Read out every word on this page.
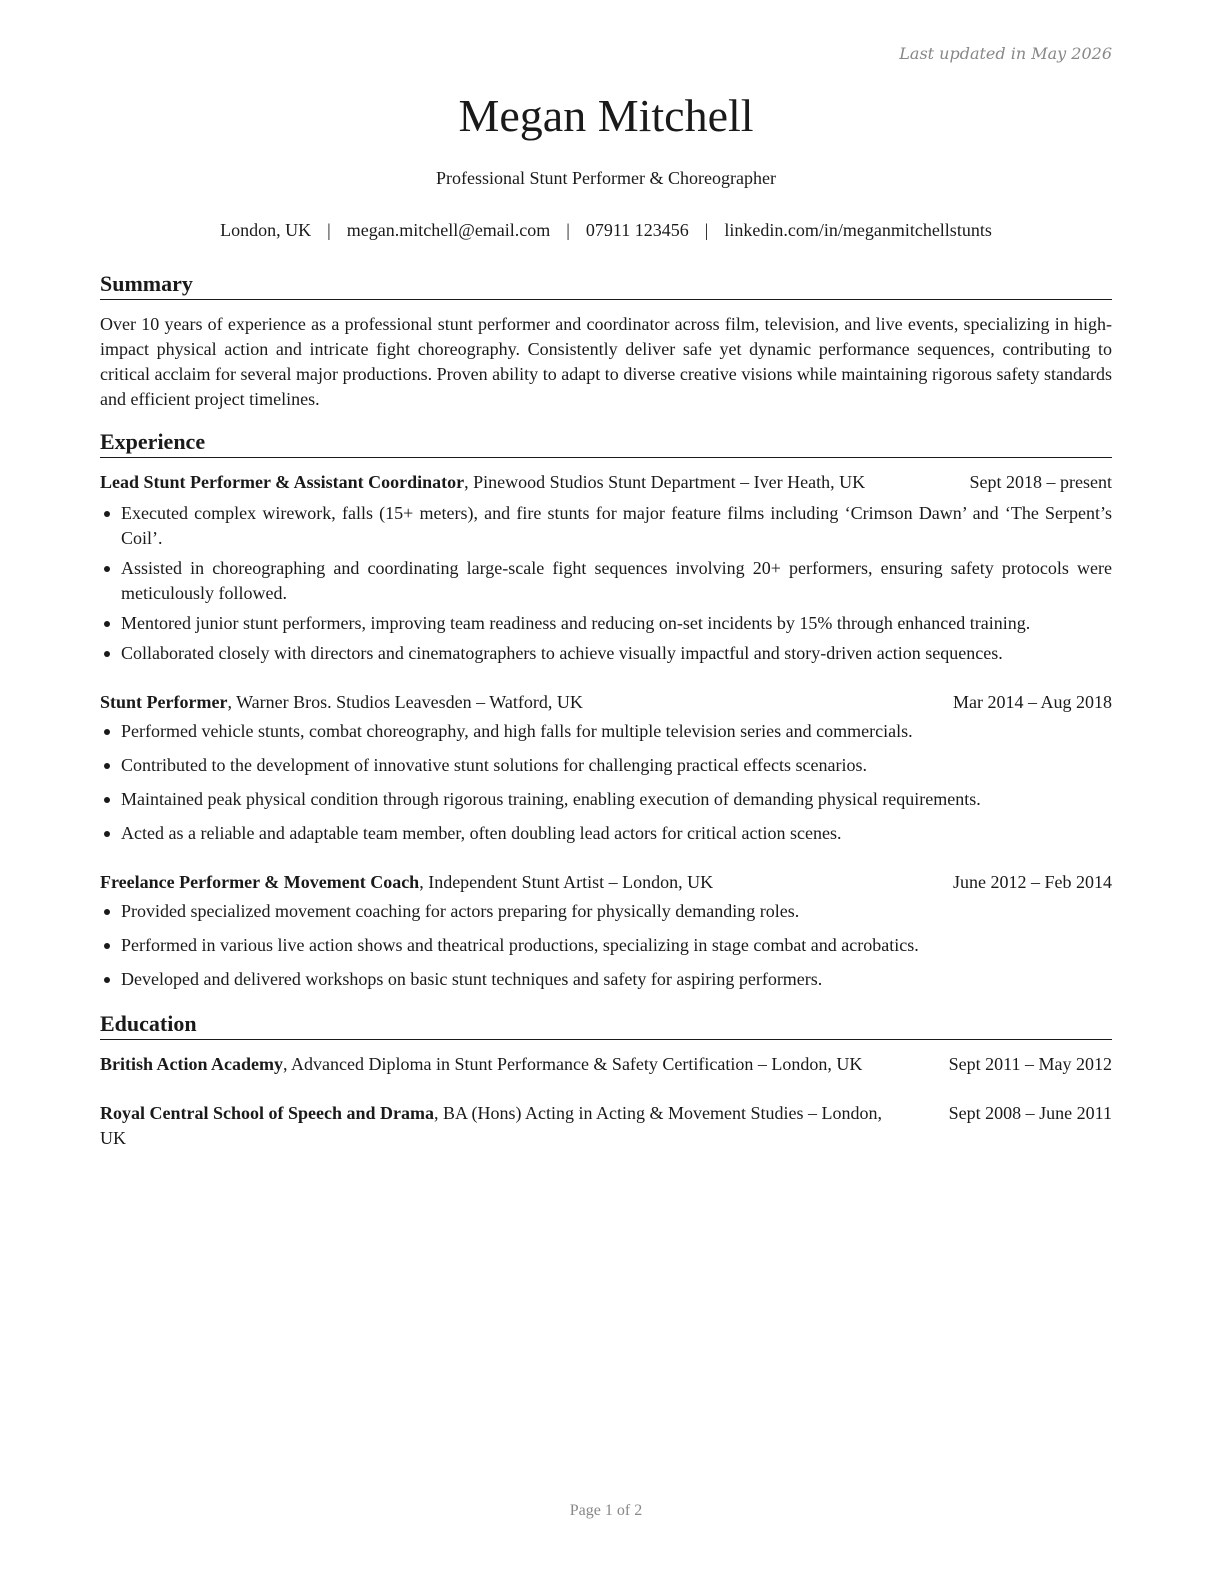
Last updated in May 2026
Megan Mitchell
Professional Stunt Performer & Choreographer
London, UK | megan.mitchell@email.com | 07911 123456 | linkedin.com/in/meganmitchellstunts
Summary

Over 10 years of experience as a professional stunt performer and coordinator across film, television, and live events, specializing in high-impact physical action and intricate fight choreography. Consistently deliver safe yet dynamic performance sequences, contributing to critical acclaim for several major productions. Proven ability to adapt to diverse creative visions while maintaining rigorous safety standards and efficient project timelines.

Experience
Lead Stunt Performer & Assistant Coordinator, Pinewood Studios Stunt Department – Iver Heath, UK	Sept 2018 – present
Executed complex wirework, falls (15+ meters), and fire stunts for major feature films including ‘Crimson Dawn’ and ‘The Serpent’s Coil’.
Assisted in choreographing and coordinating large-scale fight sequences involving 20+ performers, ensuring safety protocols were meticulously followed.
Mentored junior stunt performers, improving team readiness and reducing on-set incidents by 15% through enhanced training.
Collaborated closely with directors and cinematographers to achieve visually impactful and story-driven action sequences.
Stunt Performer, Warner Bros. Studios Leavesden – Watford, UK	Mar 2014 – Aug 2018
Performed vehicle stunts, combat choreography, and high falls for multiple television series and commercials.
Contributed to the development of innovative stunt solutions for challenging practical effects scenarios.
Maintained peak physical condition through rigorous training, enabling execution of demanding physical requirements.
Acted as a reliable and adaptable team member, often doubling lead actors for critical action scenes.
Freelance Performer & Movement Coach, Independent Stunt Artist – London, UK	June 2012 – Feb 2014
Provided specialized movement coaching for actors preparing for physically demanding roles.
Performed in various live action shows and theatrical productions, specializing in stage combat and acrobatics.
Developed and delivered workshops on basic stunt techniques and safety for aspiring performers.
Education
British Action Academy, Advanced Diploma in Stunt Performance & Safety Certification – London, UK	Sept 2011 – May 2012
Royal Central School of Speech and Drama, BA (Hons) Acting in Acting & Movement Studies – London, UK
Sept 2008 – June 2011
Page 1 of 2
